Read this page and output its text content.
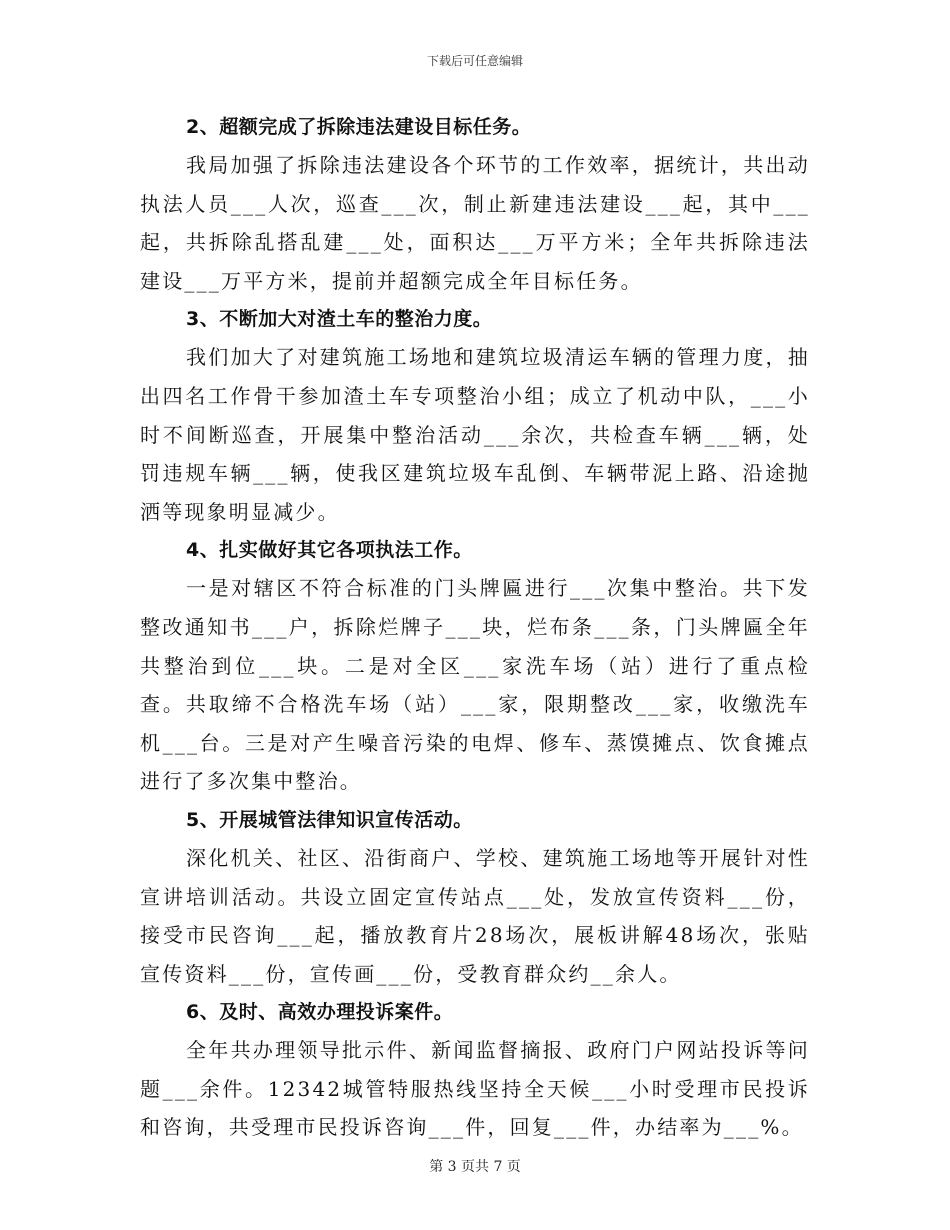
下载后可任意编辑
2、超额完成了拆除违法建设目标任务。
我局加强了拆除违法建设各个环节的工作效率，据统计，共出动执法人员___人次，巡查___次，制止新建违法建设___起，其中___起，共拆除乱搭乱建___处，面积达___万平方米；全年共拆除违法建设___万平方米，提前并超额完成全年目标任务。
3、不断加大对渣土车的整治力度。
我们加大了对建筑施工场地和建筑垃圾清运车辆的管理力度，抽出四名工作骨干参加渣土车专项整治小组；成立了机动中队，___小时不间断巡查，开展集中整治活动___余次，共检查车辆___辆，处罚违规车辆___辆，使我区建筑垃圾车乱倒、车辆带泥上路、沿途抛洒等现象明显减少。
4、扎实做好其它各项执法工作。
一是对辖区不符合标准的门头牌匾进行___次集中整治。共下发整改通知书___户，拆除烂牌子___块，烂布条___条，门头牌匾全年共整治到位___块。二是对全区___家洗车场（站）进行了重点检查。共取缔不合格洗车场（站）___家，限期整改___家，收缴洗车机___台。三是对产生噪音污染的电焊、修车、蒸馍摊点、饮食摊点进行了多次集中整治。
5、开展城管法律知识宣传活动。
深化机关、社区、沿街商户、学校、建筑施工场地等开展针对性宣讲培训活动。共设立固定宣传站点___处，发放宣传资料___份，接受市民咨询___起，播放教育片28场次，展板讲解48场次，张贴宣传资料___份，宣传画___份，受教育群众约__余人。
6、及时、高效办理投诉案件。
全年共办理领导批示件、新闻监督摘报、政府门户网站投诉等问题___余件。12342城管特服热线坚持全天候___小时受理市民投诉和咨询，共受理市民投诉咨询___件，回复___件，办结率为___%。
第 3 页共 7 页
